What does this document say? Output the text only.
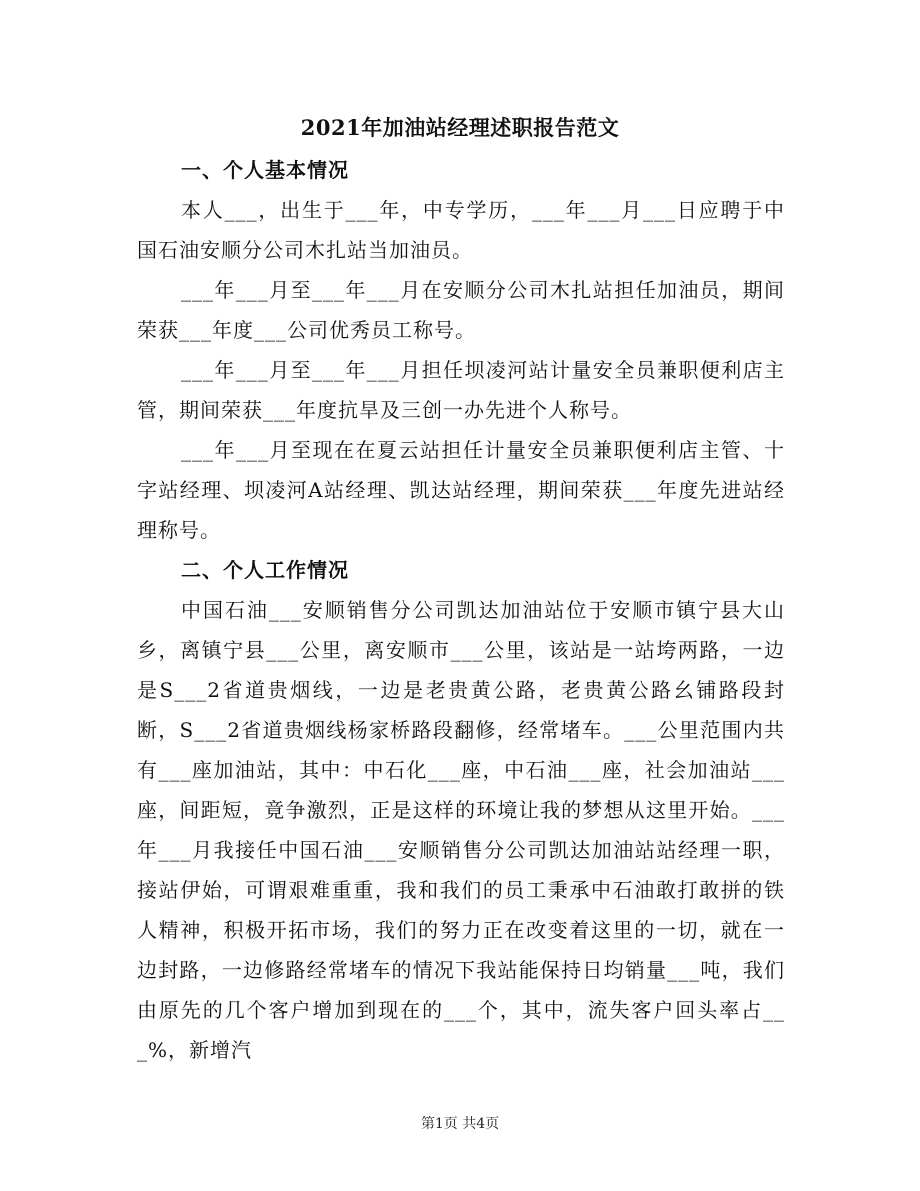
2021年加油站经理述职报告范文

一、个人基本情况

本人___，出生于___年，中专学历，___年___月___日应聘于中国石油安顺分公司木扎站当加油员。

___年___月至___年___月在安顺分公司木扎站担任加油员，期间荣获___年度___公司优秀员工称号。

___年___月至___年___月担任坝凌河站计量安全员兼职便利店主管，期间荣获___年度抗旱及三创一办先进个人称号。

___年___月至现在在夏云站担任计量安全员兼职便利店主管、十字站经理、坝凌河A站经理、凯达站经理，期间荣获___年度先进站经理称号。

二、个人工作情况

中国石油___安顺销售分公司凯达加油站位于安顺市镇宁县大山乡，离镇宁县___公里，离安顺市___公里，该站是一站垮两路，一边是S___2省道贵烟线，一边是老贵黄公路，老贵黄公路幺铺路段封断，S___2省道贵烟线杨家桥路段翻修，经常堵车。___公里范围内共有___座加油站，其中：中石化___座，中石油___座，社会加油站___座，间距短，竟争激烈，正是这样的环境让我的梦想从这里开始。___年___月我接任中国石油___安顺销售分公司凯达加油站站经理一职，接站伊始，可谓艰难重重，我和我们的员工秉承中石油敢打敢拼的铁人精神，积极开拓市场，我们的努力正在改变着这里的一切，就在一边封路，一边修路经常堵车的情况下我站能保持日均销量___吨，我们由原先的几个客户增加到现在的___个，其中，流失客户回头率占___%，新增汽

第1页 共4页
